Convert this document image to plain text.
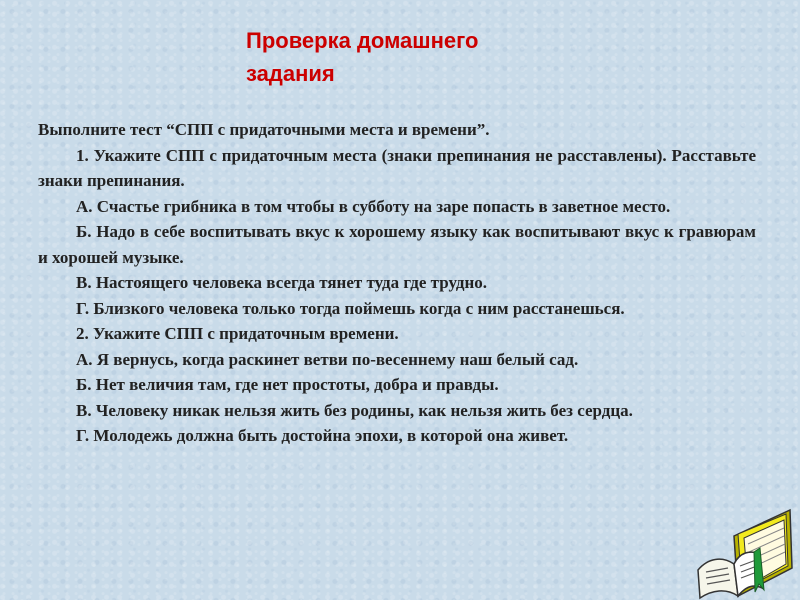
Проверка домашнего задания

Выполните тест “СПП с придаточными места и времени”.

1. Укажите СПП с придаточным места (знаки препинания не расставлены). Расставьте знаки препинания.

А. Счастье грибника в том чтобы в субботу на заре попасть в заветное место.

Б. Надо в себе воспитывать вкус к хорошему языку как воспитывают вкус к гравюрам и хорошей музыке.

В. Настоящего человека всегда тянет туда где трудно.

Г. Близкого человека только тогда поймешь когда с ним расстанешься.

2. Укажите СПП с придаточным времени.

А. Я вернусь, когда раскинет ветви по-весеннему наш белый сад.

Б. Нет величия там, где нет простоты, добра и правды.

В. Человеку никак нельзя жить без родины, как нельзя жить без сердца.

Г. Молодежь должна быть достойна эпохи, в которой она живет.
